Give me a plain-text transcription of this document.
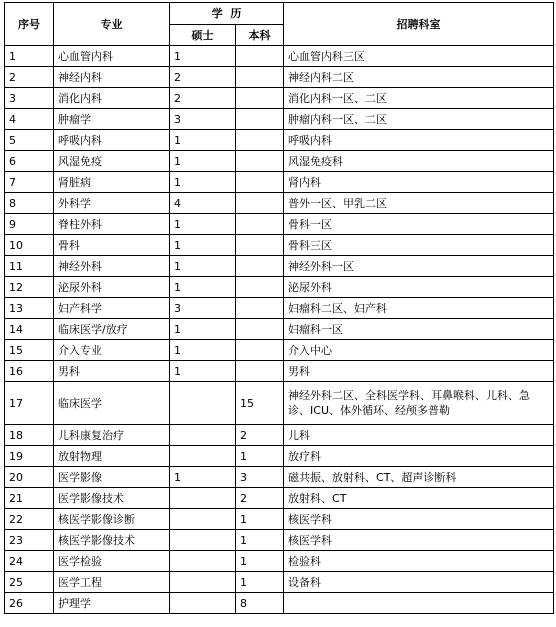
序号	专业	学  历		招聘科室
		硕士	本科	
1	心血管内科	1		心血管内科三区
2	神经内科	2		神经内科二区
3	消化内科	2		消化内科一区、二区
4	肿瘤学	3		肿瘤内科一区、二区
5	呼吸内科	1		呼吸内科
6	风湿免疫	1		风湿免疫科
7	肾脏病	1		肾内科
8	外科学	4		普外一区、甲乳二区
9	脊柱外科	1		骨科一区
10	骨科	1		骨科三区
11	神经外科	1		神经外科一区
12	泌尿外科	1		泌尿外科
13	妇产科学	3		妇瘤科二区、妇产科
14	临床医学/放疗	1		妇瘤科一区
15	介入专业	1		介入中心
16	男科	1		男科
17	临床医学		15	神经外科二区、全科医学科、耳鼻喉科、儿科、急诊、ICU、体外循环、经颅多普勒
18	儿科康复治疗		2	儿科
19	放射物理		1	放疗科
20	医学影像	1	3	磁共振、放射科、CT、超声诊断科
21	医学影像技术		2	放射科、CT
22	核医学影像诊断		1	核医学科
23	核医学影像技术		1	核医学科
24	医学检验		1	检验科
25	医学工程		1	设备科
26	护理学		8	
